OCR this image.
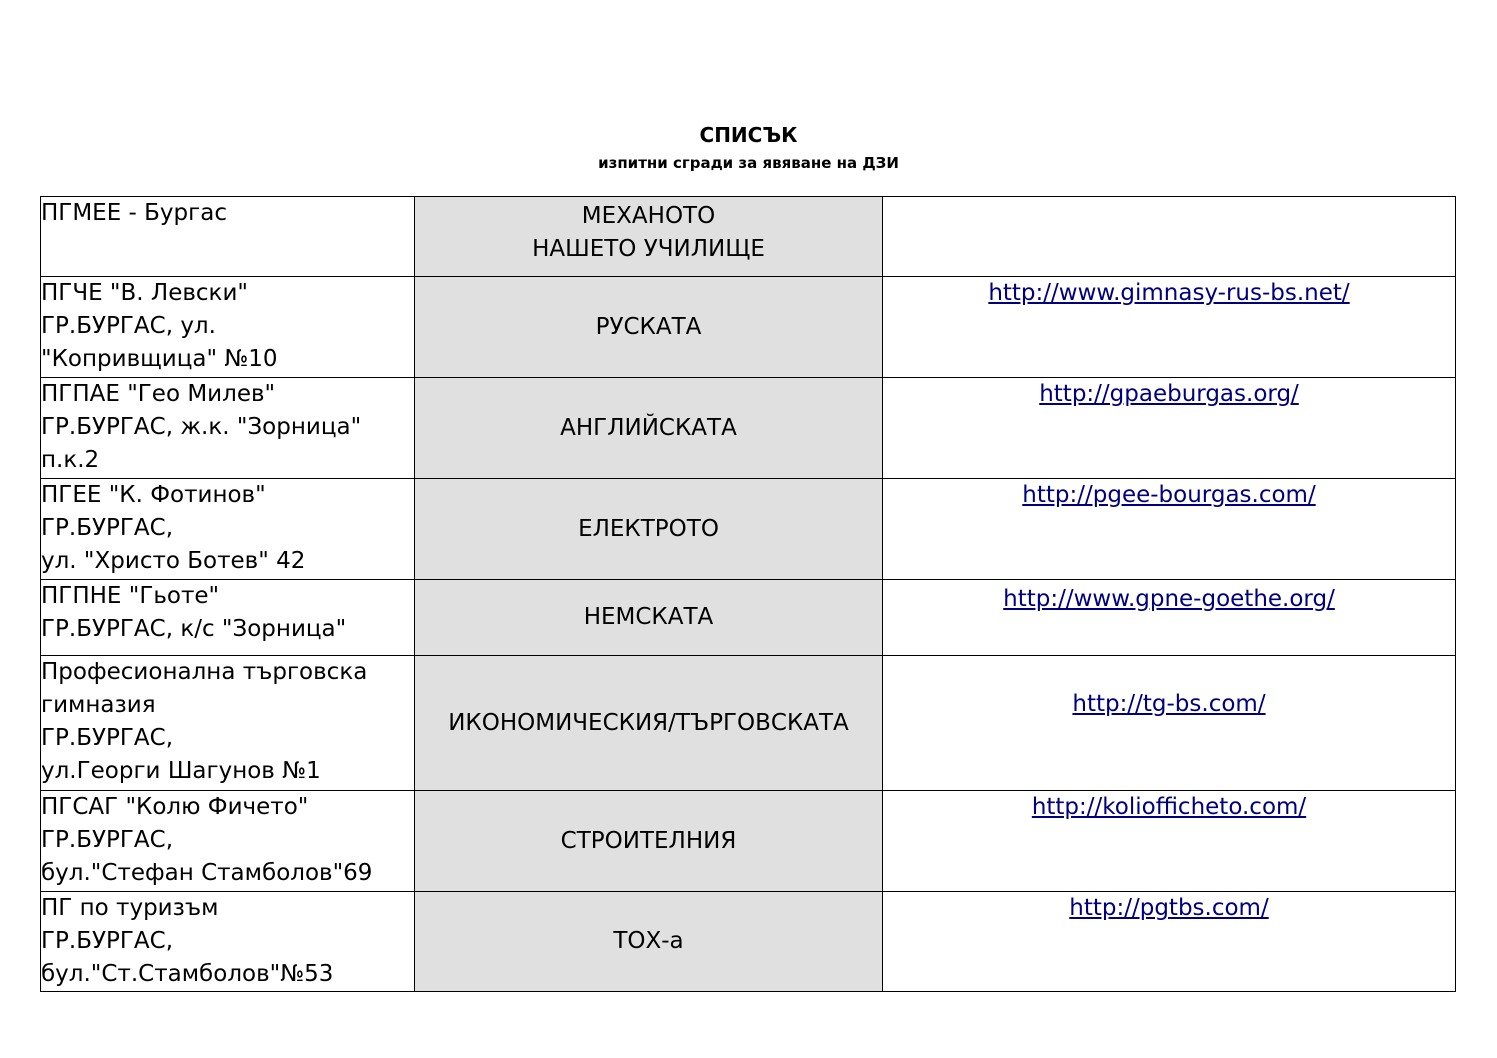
СПИСЪК
изпитни сгради за явяване на ДЗИ
ПГМЕЕ - Бургас	МЕХАНОТО
НАШЕТО УЧИЛИЩЕ	

ПГЧЕ "В. Левски"
ГР.БУРГАС, ул.
"Копривщица" №10	РУСКАТА	http://www.gimnasy-rus-bs.net/

ПГПАЕ "Гео Милев"
ГР.БУРГАС, ж.к. "Зорница"
п.к.2	АНГЛИЙСКАТА	http://gpaeburgas.org/

ПГЕЕ "К. Фотинов"
ГР.БУРГАС,
ул. "Христо Ботев" 42	ЕЛЕКТРОТО	http://pgee-bourgas.com/

ПГПНЕ "Гьоте"
ГР.БУРГАС, к/с "Зорница"	НЕМСКАТА	http://www.gpne-goethe.org/

Професионална търговска
гимназия
ГР.БУРГАС,
ул.Георги Шагунов №1	ИКОНОМИЧЕСКИЯ/ТЪРГОВСКАТА	http://tg-bs.com/

ПГСАГ "Колю Фичето"
ГР.БУРГАС,
бул."Стефан Стамболов"69	СТРОИТЕЛНИЯ	http://koliofficheto.com/

ПГ по туризъм
ГР.БУРГАС,
бул."Ст.Стамболов"№53	ТОХ-а	http://pgtbs.com/
